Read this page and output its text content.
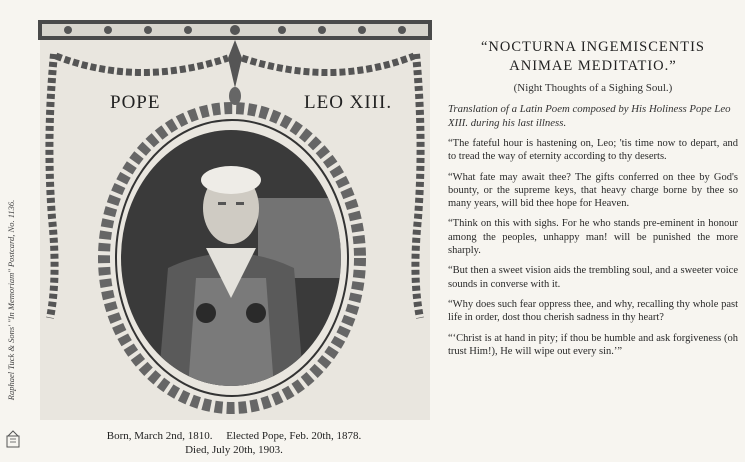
Raphael Tuck & Sons' "In Memoriam" Postcard, No. 1136.
POPE	LEO XIII.
Born, March 2nd, 1810.     Elected Pope, Feb. 20th, 1878.
Died, July 20th, 1903.
“NOCTURNA INGEMISCENTIS
ANIMAE MEDITATIO.”
(Night Thoughts of a Sighing Soul.)
Translation of a Latin Poem composed by His Holiness Pope Leo XIII. during his last illness.
“The fateful hour is hastening on, Leo; 'tis time now to depart, and to tread the way of eternity according to thy deserts.
“What fate may await thee? The gifts conferred on thee by God's bounty, or the supreme keys, that heavy charge borne by thee so many years, will bid thee hope for Heaven.
“Think on this with sighs. For he who stands pre-eminent in honour among the peoples, unhappy man! will be punished the more sharply.
“But then a sweet vision aids the trembling soul, and a sweeter voice sounds in converse with it.
“Why does such fear oppress thee, and why, recalling thy whole past life in order, dost thou cherish sadness in thy heart?
“‘Christ is at hand in pity; if thou be humble and ask forgiveness (oh trust Him!), He will wipe out every sin.’”
